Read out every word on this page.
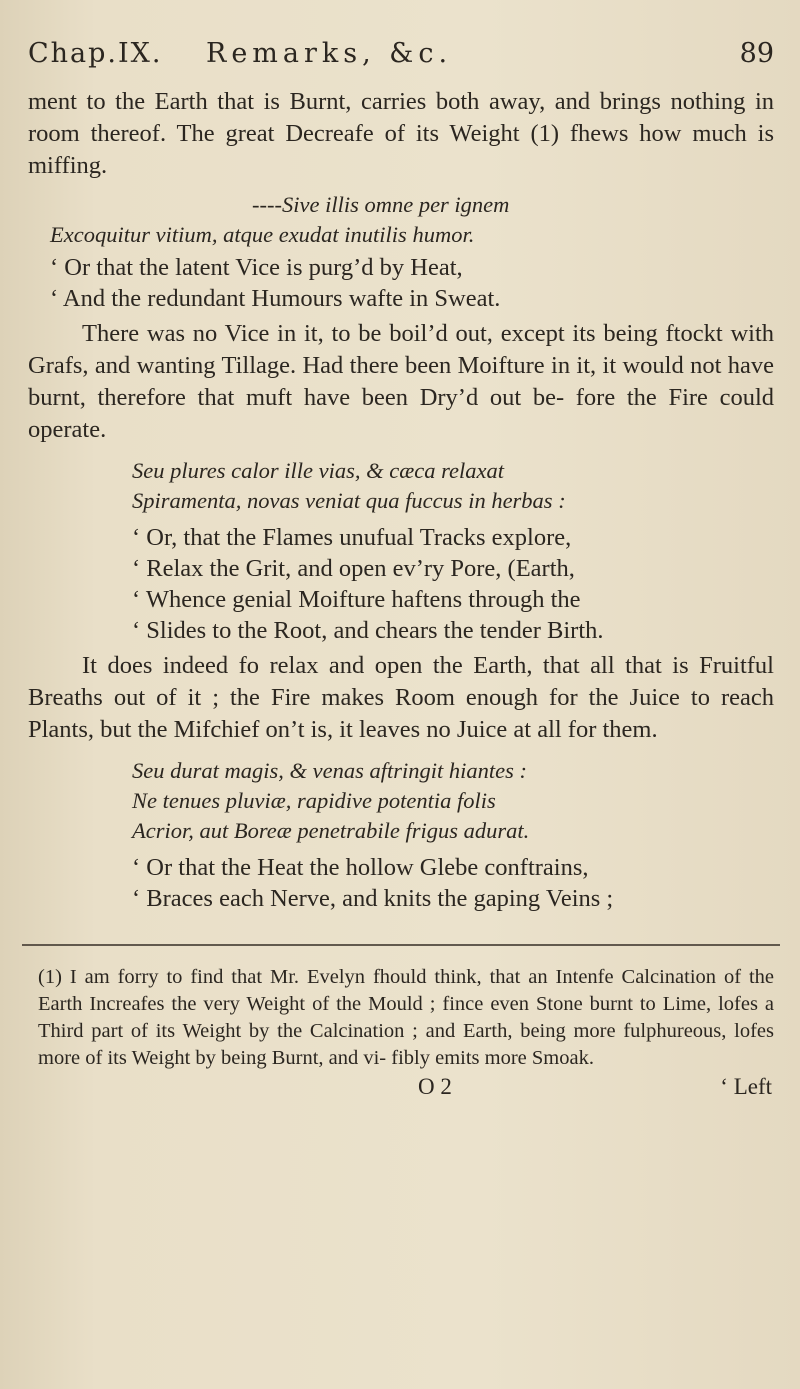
Chap.IX.	Remarks, &c.	89

ment to the Earth that is Burnt, carries both away, and brings nothing in room thereof. The great Decreafe of its Weight (1) fhews how much is miffing.

----Sive illis omne per ignem

Excoquitur vitium, atque exudat inutilis humor.

‘ Or that the latent Vice is purg’d by Heat,

‘ And the redundant Humours wafte in Sweat.

There was no Vice in it, to be boil’d out, except its being ftockt with Grafs, and wanting Tillage. Had there been Moifture in it, it would not have burnt, therefore that muft have been Dry’d out be- fore the Fire could operate.

Seu plures calor ille vias, & cæca relaxat

Spiramenta, novas veniat qua fuccus in herbas :

‘ Or, that the Flames unufual Tracks explore,

‘ Relax the Grit, and open ev’ry Pore, (Earth,

‘ Whence genial Moifture haftens through the

‘ Slides to the Root, and chears the tender Birth.

It does indeed fo relax and open the Earth, that all that is Fruitful Breaths out of it ; the Fire makes Room enough for the Juice to reach Plants, but the Mifchief on’t is, it leaves no Juice at all for them.

Seu durat magis, & venas aftringit hiantes :

Ne tenues pluviæ, rapidive potentia folis

Acrior, aut Boreæ penetrabile frigus adurat.

‘ Or that the Heat the hollow Glebe conftrains,

‘ Braces each Nerve, and knits the gaping Veins ;

(1) I am forry to find that Mr. Evelyn fhould think, that an Intenfe Calcination of the Earth Increafes the very Weight of the Mould ; fince even Stone burnt to Lime, lofes a Third part of its Weight by the Calcination ; and Earth, being more fulphureous, lofes more of its Weight by being Burnt, and vi- fibly emits more Smoak.

O 2	‘ Left
